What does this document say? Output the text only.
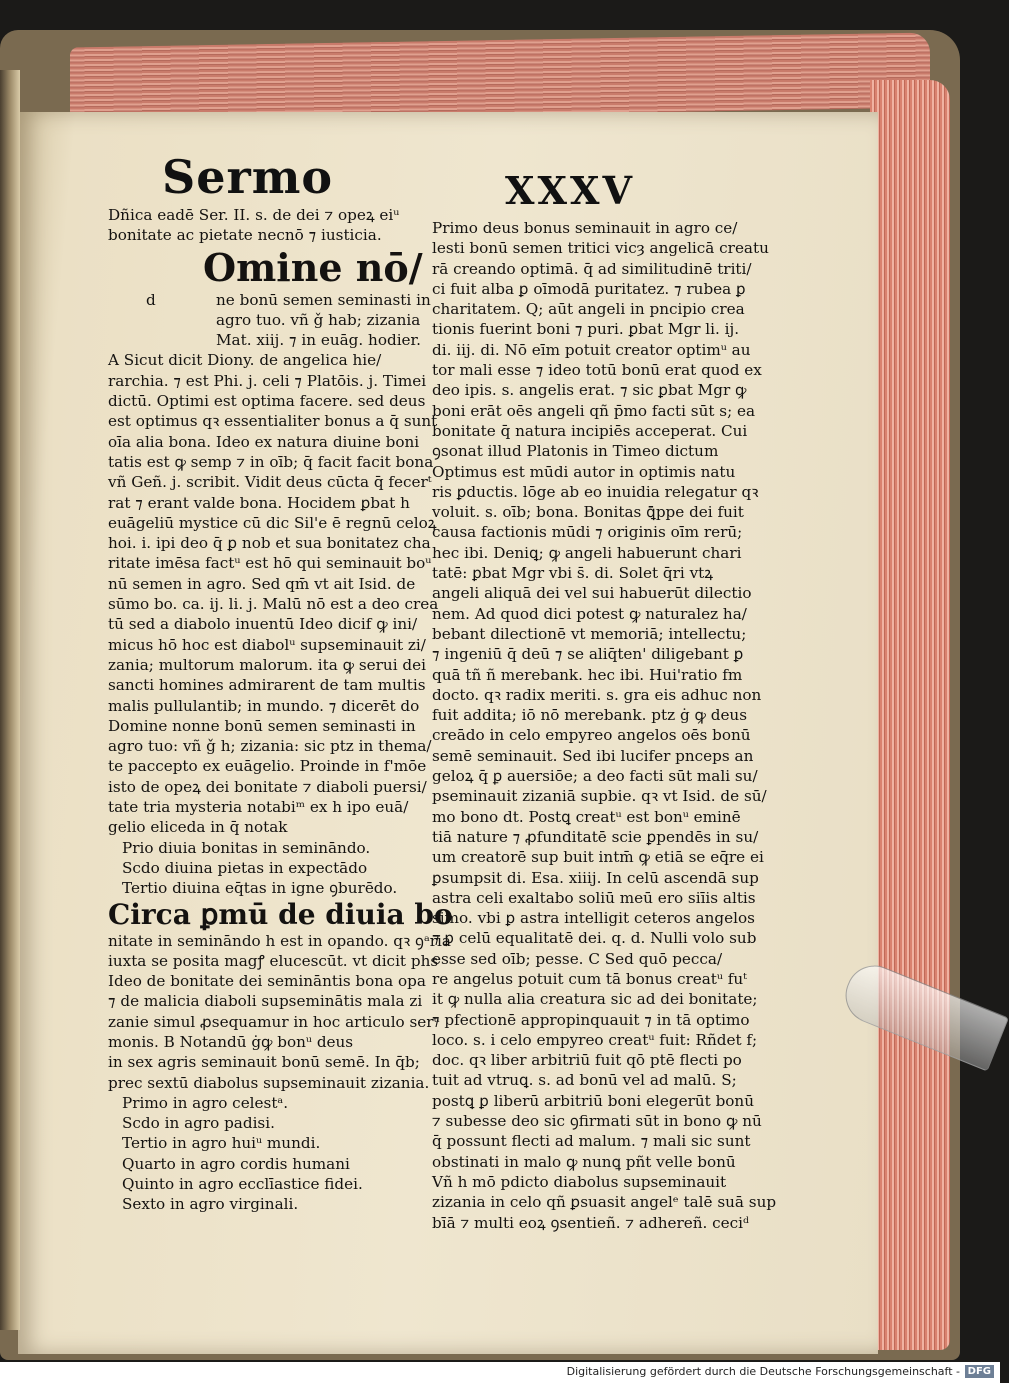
Sermo	XXXV
Dñica eadē Ser. II. s. de dei ⁊ opeꝝ eiᵘ
bonitate ac pietate necnō ⁊ iusticia.
Omine nō/
d	ne bonū semen seminasti in
agro tuo. vñ ǧ hab; zizania
Mat. xiij. ⁊ in euāg. hodier.
A Sicut dicit Diony. de angelica hie/
rarchia. ⁊ est Phi. j. celi ⁊ Platōis. j. Timei
dictū. Optimi est optima facere. sed deus
est optimus qꝛ essentialiter bonus a q̄ sunt
oīa alia bona. Ideo ex natura diuine boni
tatis est ꝙ semp ⁊ in oīb; q̄ facit facit bona
vñ Geñ. j. scribit. Vidit deus cūcta q̄ fecerᵗ
rat ⁊ erant valde bona. Hocidem ꝑbat h
euāgeliū mystice cū dic Sil'e ē regnū celoꝝ
hoi. i. ipi deo q̄ ꝑ nob et sua bonitatez cha
ritate imēsa factᵘ est hō qui seminauit boᵘ
nū semen in agro. Sed qm̄ vt ait Isid. de
sūmo bo. ca. ij. li. j. Malū nō est a deo crea
tū sed a diabolo inuentū Ideo dicif ꝙ ini/
micus hō hoc est diabolᵘ supseminauit zi/
zania; multorum malorum. ita ꝙ serui dei
sancti homines admirarent de tam multis
malis pullulantib; in mundo. ⁊ dicerēt do
Domine nonne bonū semen seminasti in
agro tuo: vñ ǧ h; zizania: sic ptz in thema/
te paccepto ex euāgelio. Proinde in f'mōe
isto de opeꝝ dei bonitate ⁊ diaboli puersi/
tate tria mysteria notabiᵐ ex h ipo euā/
gelio eliceda in q̄ notak
Prio diuia bonitas in semināndo.
Scdo diuina pietas in expectādo
Tertio diuina eq̄tas in igne ꝯburēdo.
Circa ꝑmū de diuia bo
nitate in semināndo h est in opando. qꝛ ꝯᵃria
iuxta se posita magꝭ elucescūt. vt dicit phs
Ideo de bonitate dei semināntis bona opa
⁊ de malicia diaboli supseminātis mala zi
zanie simul ꝓsequamur in hoc articulo serᵘ
monis. B Notandū ġꝙ bonᵘ deus
in sex agris seminauit bonū semē. In q̄b;
prec sextū diabolus supseminauit zizania.
Primo in agro celestᵃ.
Scdo in agro padisi.
Tertio in agro huiᵘ mundi.
Quarto in agro cordis humani
Quinto in agro ecclīastice fidei.
Sexto in agro virginali.
Primo deus bonus seminauit in agro ce/
lesti bonū semen tritici vicȝ angelicā creatu
rā creando optimā. q̄ ad similitudinē triti/
ci fuit alba ꝑ oīmodā puritatez. ⁊ rubea ꝑ
charitatem. Q; aūt angeli in pncipio crea
tionis fuerint boni ⁊ puri. ꝑbat Mgr li. ij.
di. iij. di. Nō eīm potuit creator optimᵘ au
tor mali esse ⁊ ideo totū bonū erat quod ex
deo ipis. s. angelis erat. ⁊ sic ꝑbat Mgr ꝙ
boni erāt oēs angeli qñ p̄mo facti sūt s; ea
bonitate q̄ natura incipiēs acceperat. Cui
ꝯsonat illud Platonis in Timeo dictum
Optimus est mūdi autor in optimis natu
ris ꝑductis. lōge ab eo inuidia relegatur qꝛ
voluit. s. oīb; bona. Bonitas ꝗ̄ppe dei fuit
causa factionis mūdi ⁊ originis oīm rerū;
hec ibi. Deniꝗ; ꝙ angeli habuerunt chari
tatē: ꝑbat Mgr vbi s̄. di. Solet q̄ri vtꝝ
angeli aliquā dei vel sui habuerūt dilectio
nem. Ad quod dici potest ꝙ naturalez ha/
bebant dilectionē vt memoriā; intellectu;
⁊ ingeniū q̄ deū ⁊ se aliq̄ten' diligebant ꝑ
quā tñ ñ merebank. hec ibi. Hui'ratio fm
docto. qꝛ radix meriti. s. gra eis adhuc non
fuit addita; iō nō merebank. ptz ġ ꝙ deus
creādo in celo empyreo angelos oēs bonū
semē seminauit. Sed ibi lucifer pnceps an
geloꝝ q̄ ꝑ auersiōe; a deo facti sūt mali su/
pseminauit zizaniā supbie. qꝛ vt Isid. de sū/
mo bono dt. Postꝗ creatᵘ est bonᵘ eminē
tiā nature ⁊ ꝓfunditatē scie ꝑpendēs in su/
um creatorē sup buit intm̄ ꝙ etiā se eq̄re ei
ꝑsumpsit di. Esa. xiiij. In celū ascendā sup
astra celi exaltabo soliū meū ero siīis altis
simo. vbi ꝑ astra intelligit ceteros angelos
⁊ ꝑ celū equalitatē dei. q. d. Nulli volo sub
esse sed oīb; pesse. C Sed quō pecca/
re angelus potuit cum tā bonus creatᵘ fuᵗ
it ꝙ nulla alia creatura sic ad dei bonitate;
⁊ pfectionē appropinquauit ⁊ in tā optimo
loco. s. i celo empyreo creatᵘ fuit: Rñdet f;
doc. qꝛ liber arbitriū fuit qō ptē flecti po
tuit ad vtruꝗ. s. ad bonū vel ad malū. S;
postꝗ ꝑ liberū arbitriū boni elegerūt bonū
⁊ subesse deo sic ꝯfirmati sūt in bono ꝙ nū
q̄ possunt flecti ad malum. ⁊ mali sic sunt
obstinati in malo ꝙ nunꝗ pñt velle bonū
Vñ h mō pdicto diabolus supseminauit
zizania in celo qñ ꝑsuasit angelᵉ talē suā sup
bīā ⁊ multi eoꝝ ꝯsentieñ. ⁊ adhereñ. ceciᵈ
Digitalisierung gefördert durch die Deutsche Forschungsgemeinschaft - DFG
